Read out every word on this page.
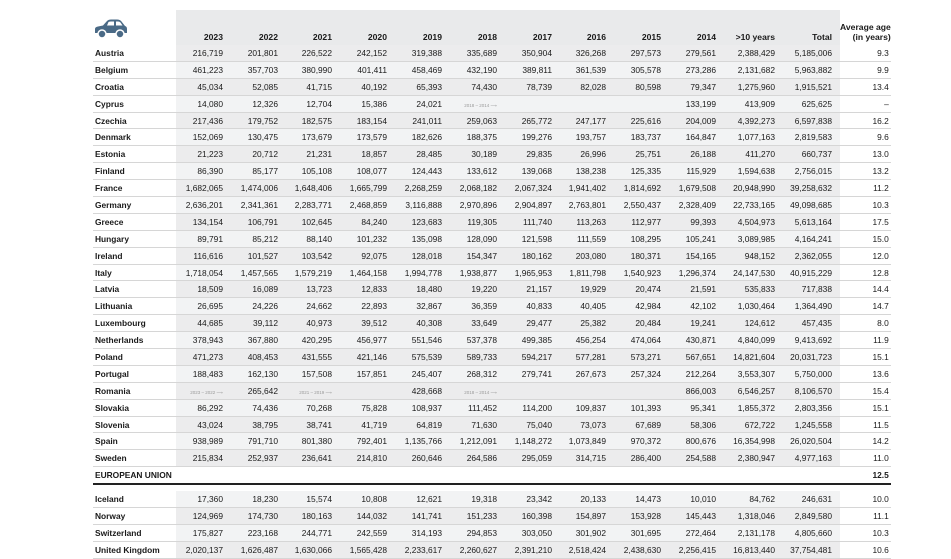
	2023	2022	2021	2020	2019	2018	2017	2016	2015	2014	>10 years	Total	Average age
(in years)

Austria	216,719	201,801	226,522	242,152	319,388	335,689	350,904	326,268	297,573	279,561	2,388,429	5,185,006	9.3
Belgium	461,223	357,703	380,990	401,411	458,469	432,190	389,811	361,539	305,578	273,286	2,131,682	5,963,882	9.9
Croatia	45,034	52,085	41,715	40,192	65,393	74,430	78,739	82,028	80,598	79,347	1,275,960	1,915,521	13.4
Cyprus	14,080	12,326	12,704	15,386	24,021	2018 – 2014 ⟶				133,199	413,909	625,625	–
Czechia	217,436	179,752	182,575	183,154	241,011	259,063	265,772	247,177	225,616	204,009	4,392,273	6,597,838	16.2
Denmark	152,069	130,475	173,679	173,579	182,626	188,375	199,276	193,757	183,737	164,847	1,077,163	2,819,583	9.6
Estonia	21,223	20,712	21,231	18,857	28,485	30,189	29,835	26,996	25,751	26,188	411,270	660,737	13.0
Finland	86,390	85,177	105,108	108,077	124,443	133,612	139,068	138,238	125,335	115,929	1,594,638	2,756,015	13.2
France	1,682,065	1,474,006	1,648,406	1,665,799	2,268,259	2,068,182	2,067,324	1,941,402	1,814,692	1,679,508	20,948,990	39,258,632	11.2
Germany	2,636,201	2,341,361	2,283,771	2,468,859	3,116,888	2,970,896	2,904,897	2,763,801	2,550,437	2,328,409	22,733,165	49,098,685	10.3
Greece	134,154	106,791	102,645	84,240	123,683	119,305	111,740	113,263	112,977	99,393	4,504,973	5,613,164	17.5
Hungary	89,791	85,212	88,140	101,232	135,098	128,090	121,598	111,559	108,295	105,241	3,089,985	4,164,241	15.0
Ireland	116,616	101,527	103,542	92,075	128,018	154,347	180,162	203,080	180,371	154,165	948,152	2,362,055	12.0
Italy	1,718,054	1,457,565	1,579,219	1,464,158	1,994,778	1,938,877	1,965,953	1,811,798	1,540,923	1,296,374	24,147,530	40,915,229	12.8
Latvia	18,509	16,089	13,723	12,833	18,480	19,220	21,157	19,929	20,474	21,591	535,833	717,838	14.4
Lithuania	26,695	24,226	24,662	22,893	32,867	36,359	40,833	40,405	42,984	42,102	1,030,464	1,364,490	14.7
Luxembourg	44,685	39,112	40,973	39,512	40,308	33,649	29,477	25,382	20,484	19,241	124,612	457,435	8.0
Netherlands	378,943	367,880	420,295	456,977	551,546	537,378	499,385	456,254	474,064	430,871	4,840,099	9,413,692	11.9
Poland	471,273	408,453	431,555	421,146	575,539	589,733	594,217	577,281	573,271	567,651	14,821,604	20,031,723	15.1
Portugal	188,483	162,130	157,508	157,851	245,407	268,312	279,741	267,673	257,324	212,264	3,553,307	5,750,000	13.6
Romania	2023 – 2022 ⟶	265,642	2021 – 2019 ⟶		428,668	2018 – 2014 ⟶				866,003	6,546,257	8,106,570	15.4
Slovakia	86,292	74,436	70,268	75,828	108,937	111,452	114,200	109,837	101,393	95,341	1,855,372	2,803,356	15.1
Slovenia	43,024	38,795	38,741	41,719	64,819	71,630	75,040	73,073	67,689	58,306	672,722	1,245,558	11.5
Spain	938,989	791,710	801,380	792,401	1,135,766	1,212,091	1,148,272	1,073,849	970,372	800,676	16,354,998	26,020,504	14.2
Sweden	215,834	252,937	236,641	214,810	260,646	264,586	295,059	314,715	286,400	254,588	2,380,947	4,977,163	11.0
EUROPEAN UNION													12.5

Iceland	17,360	18,230	15,574	10,808	12,621	19,318	23,342	20,133	14,473	10,010	84,762	246,631	10.0
Norway	124,969	174,730	180,163	144,032	141,741	151,233	160,398	154,897	153,928	145,443	1,318,046	2,849,580	11.1
Switzerland	175,827	223,168	244,771	242,559	314,193	294,853	303,050	301,902	301,695	272,464	2,131,178	4,805,660	10.3
United Kingdom	2,020,137	1,626,487	1,630,066	1,565,428	2,233,617	2,260,627	2,391,210	2,518,424	2,438,630	2,256,415	16,813,440	37,754,481	10.6
